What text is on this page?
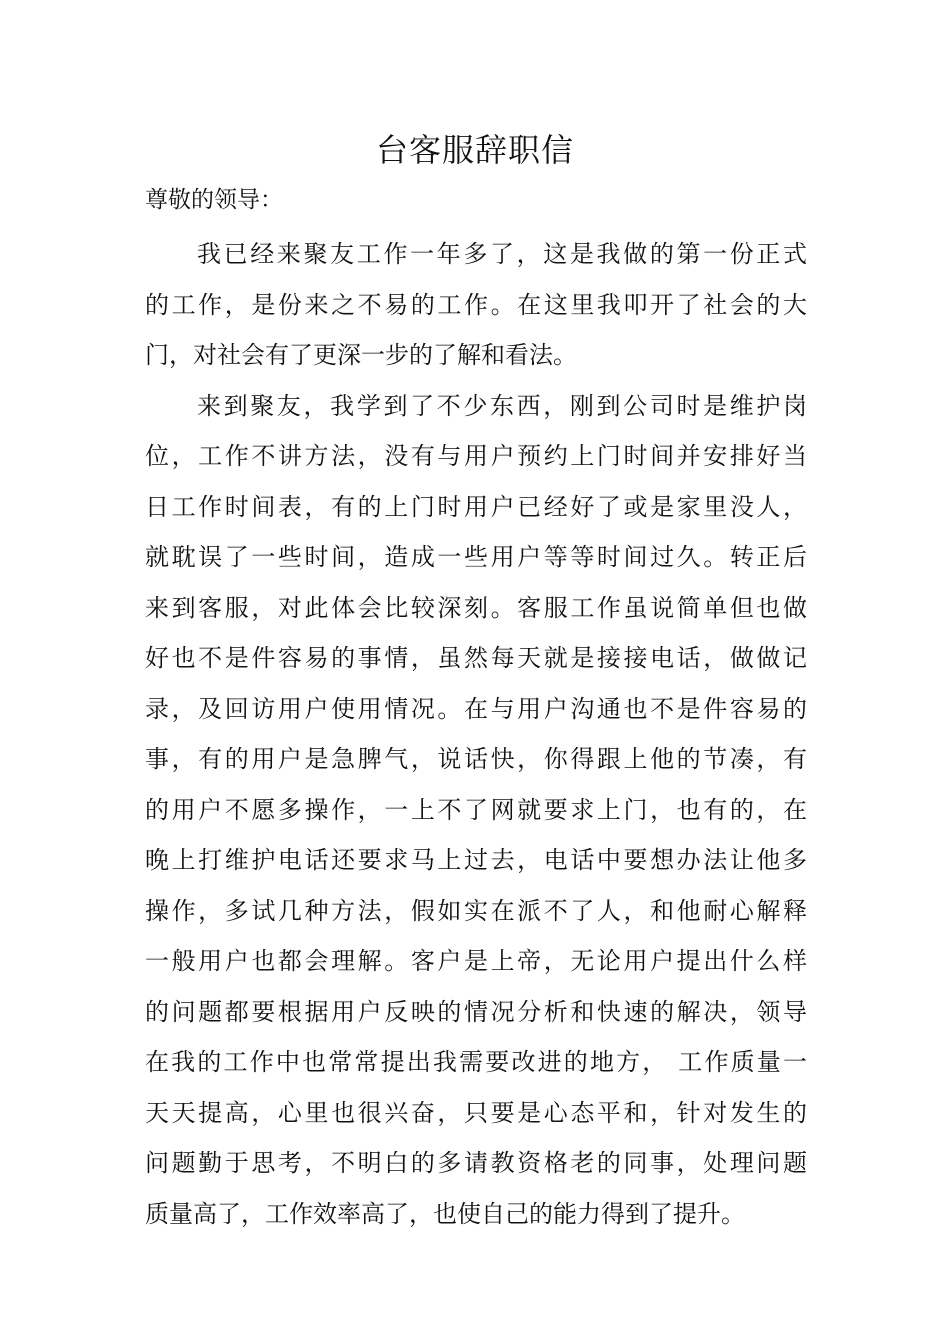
台客服辞职信

尊敬的领导：

我已经来聚友工作一年多了，这是我做的第一份正式
的工作，是份来之不易的工作。在这里我叩开了社会的大
门，对社会有了更深一步的了解和看法。

来到聚友，我学到了不少东西，刚到公司时是维护岗
位，工作不讲方法，没有与用户预约上门时间并安排好当
日工作时间表，有的上门时用户已经好了或是家里没人，
就耽误了一些时间，造成一些用户等等时间过久。转正后
来到客服，对此体会比较深刻。客服工作虽说简单但也做
好也不是件容易的事情，虽然每天就是接接电话，做做记
录，及回访用户使用情况。在与用户沟通也不是件容易的
事，有的用户是急脾气，说话快，你得跟上他的节凑，有
的用户不愿多操作，一上不了网就要求上门，也有的，在
晚上打维护电话还要求马上过去，电话中要想办法让他多
操作，多试几种方法，假如实在派不了人，和他耐心解释
一般用户也都会理解。客户是上帝，无论用户提出什么样
的问题都要根据用户反映的情况分析和快速的解决，领导
在我的工作中也常常提出我需要改进的地方， 工作质量一
天天提高，心里也很兴奋，只要是心态平和，针对发生的
问题勤于思考，不明白的多请教资格老的同事，处理问题
质量高了，工作效率高了，也使自己的能力得到了提升。
